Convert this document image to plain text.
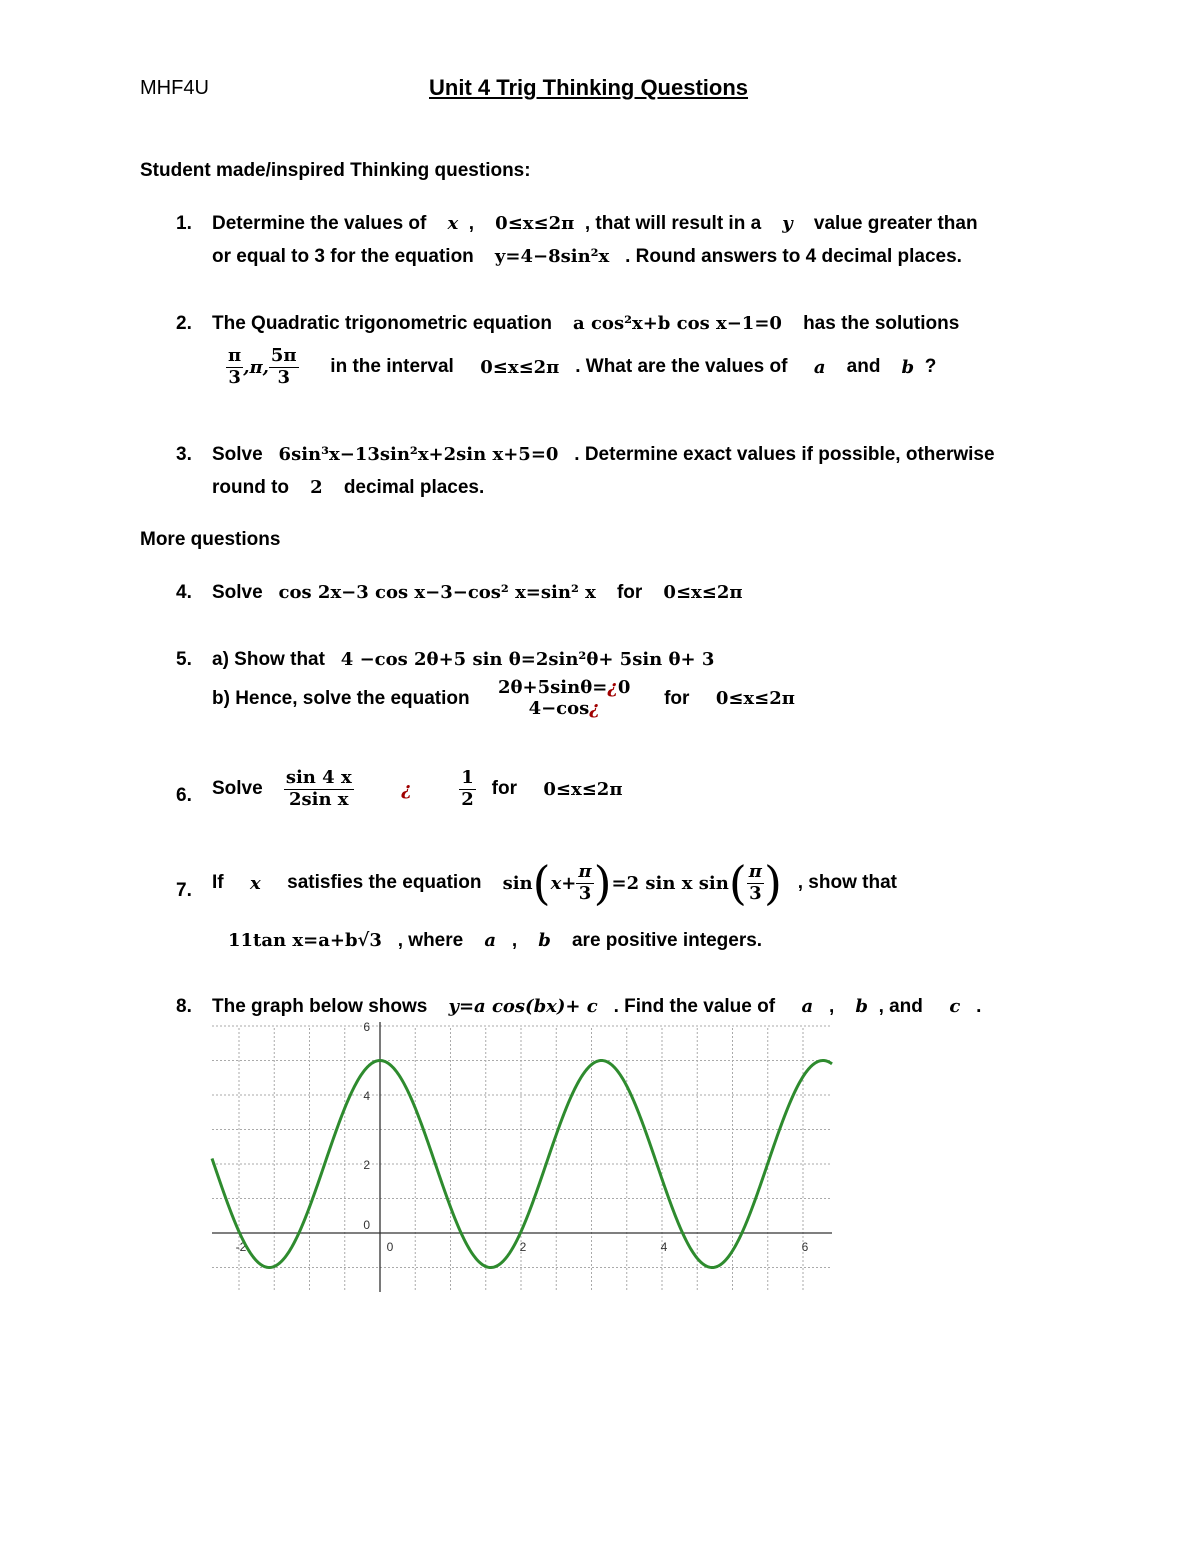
MHF4U	Unit 4 Trig Thinking Questions
Student made/inspired Thinking questions:
1. Determine the values of x , 0≤x≤2π , that will result in a y value greater than
or equal to 3 for the equation y=4−8sin²x . Round answers to 4 decimal places.
2. The Quadratic trigonometric equation a cos²x+b cos x−1=0 has the solutions
$\frac{\pi}{3} ,\pi$, $\frac{5\pi}{3}$
in the interval
0≤x≤2π
. What are the values of
a
and
b
?
3. Solve 6sin³x−13sin²x+2sin x+5=0 . Determine exact values if possible, otherwise
round to 2 decimal places.
More questions
4. Solve cos 2x−3 cos x−3−cos² x=sin² x for 0≤x≤2π
5. a) Show that 4 −cos 2θ+5 sin θ=2sin²θ+ 5sin θ+ 3
b) Hence, solve the equation

2θ+5sinθ=¿0
4−cos¿
	for
0≤x≤2π
6. Solve
$\frac{\sin 4 x}{\text{2sin x}}$
	¿
	$\frac{1}{2}$
for
0≤x≤2π
7. If
x
satisfies the equation
sin ( $x+ \frac{\pi}{3}$ ) =2 sin x sin ( $\frac{\pi}{3}$ )
, show that
11tan x=a+b√3 , where a , b are positive integers.
8. The graph below shows y=a cos(bx)+ c . Find the value of a , b , and c .
-2	0	2	4	6
0
2
4
6
